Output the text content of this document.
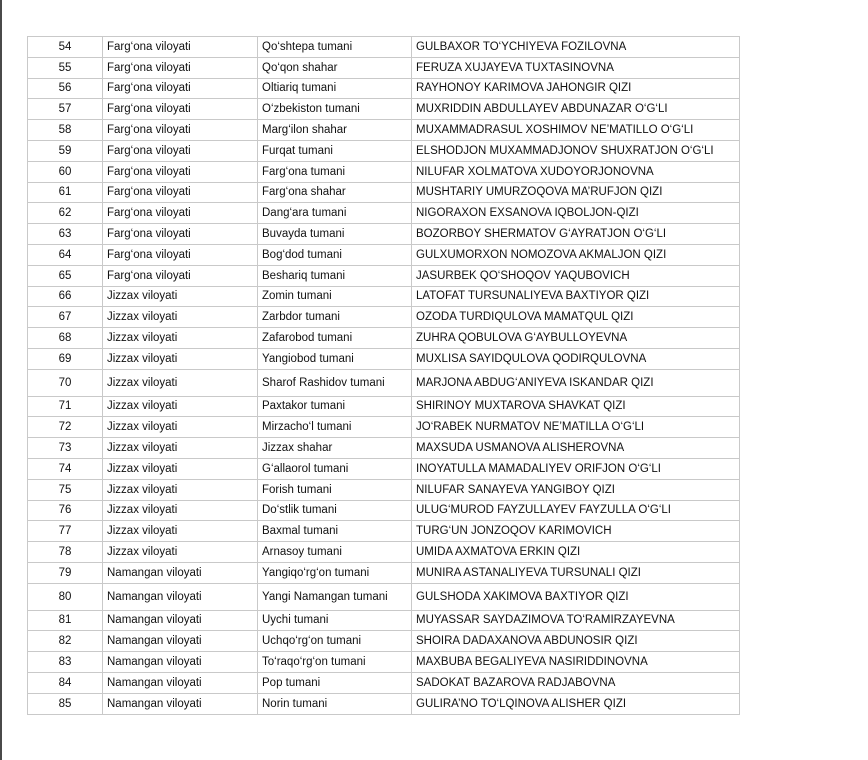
54	Farg‘ona viloyati	Qo‘shtepa tumani	GULBAXOR TO‘YCHIYEVA FOZILOVNA
55	Farg‘ona viloyati	Qo‘qon shahar	FERUZA XUJAYEVA TUXTASINOVNA
56	Farg‘ona viloyati	Oltiariq tumani	RAYHONOY KARIMOVA JAHONGIR QIZI
57	Farg‘ona viloyati	O‘zbekiston tumani	MUXRIDDIN ABDULLAYEV ABDUNAZAR O‘G‘LI
58	Farg‘ona viloyati	Marg‘ilon shahar	MUXAMMADRASUL XOSHIMOV NE’MATILLO O‘G‘LI
59	Farg‘ona viloyati	Furqat tumani	ELSHODJON MUXAMMADJONOV SHUXRATJON O‘G‘LI
60	Farg‘ona viloyati	Farg‘ona tumani	NILUFAR XOLMATOVA XUDOYORJONOVNA
61	Farg‘ona viloyati	Farg‘ona shahar	MUSHTARIY UMURZOQOVA MA’RUFJON QIZI
62	Farg‘ona viloyati	Dang‘ara tumani	NIGORAXON EXSANOVA IQBOLJON-QIZI
63	Farg‘ona viloyati	Buvayda tumani	BOZORBOY SHERMATOV G‘AYRATJON O‘G‘LI
64	Farg‘ona viloyati	Bog‘dod tumani	GULXUMORXON NOMOZOVA AKMALJON QIZI
65	Farg‘ona viloyati	Beshariq tumani	JASURBEK QO‘SHOQOV YAQUBOVICH
66	Jizzax viloyati	Zomin tumani	LATOFAT TURSUNALIYEVA BAXTIYOR QIZI
67	Jizzax viloyati	Zarbdor tumani	OZODA TURDIQULOVA MAMATQUL QIZI
68	Jizzax viloyati	Zafarobod tumani	ZUHRA QOBULOVA G‘AYBULLOYEVNA
69	Jizzax viloyati	Yangiobod tumani	MUXLISA SAYIDQULOVA QODIRQULOVNA
70	Jizzax viloyati	Sharof Rashidov tumani	MARJONA ABDUG‘ANIYEVA ISKANDAR QIZI
71	Jizzax viloyati	Paxtakor tumani	SHIRINOY MUXTAROVA SHAVKAT QIZI
72	Jizzax viloyati	Mirzacho‘l tumani	JO‘RABEK NURMATOV NE’MATILLA O‘G‘LI
73	Jizzax viloyati	Jizzax shahar	MAXSUDA USMANOVA ALISHEROVNA
74	Jizzax viloyati	G‘allaorol tumani	INOYATULLA MAMADALIYEV ORIFJON O‘G‘LI
75	Jizzax viloyati	Forish tumani	NILUFAR SANAYEVA YANGIBOY QIZI
76	Jizzax viloyati	Do‘stlik tumani	ULUG‘MUROD FAYZULLAYEV FAYZULLA O‘G‘LI
77	Jizzax viloyati	Baxmal tumani	TURG‘UN JONZOQOV KARIMOVICH
78	Jizzax viloyati	Arnasoy tumani	UMIDA AXMATOVA ERKIN QIZI
79	Namangan viloyati	Yangiqo‘rg‘on tumani	MUNIRA ASTANALIYEVA TURSUNALI QIZI
80	Namangan viloyati	Yangi Namangan tumani	GULSHODA XAKIMOVA BAXTIYOR QIZI
81	Namangan viloyati	Uychi tumani	MUYASSAR SAYDAZIMOVA TO‘RAMIRZAYEVNA
82	Namangan viloyati	Uchqo‘rg‘on tumani	SHOIRA DADAXANOVA ABDUNOSIR QIZI
83	Namangan viloyati	To‘raqo‘rg‘on tumani	MAXBUBA BEGALIYEVA NASIRIDDINOVNA
84	Namangan viloyati	Pop tumani	SADOKAT BAZAROVA RADJABOVNA
85	Namangan viloyati	Norin tumani	GULIRA’NO TO‘LQINOVA ALISHER QIZI
